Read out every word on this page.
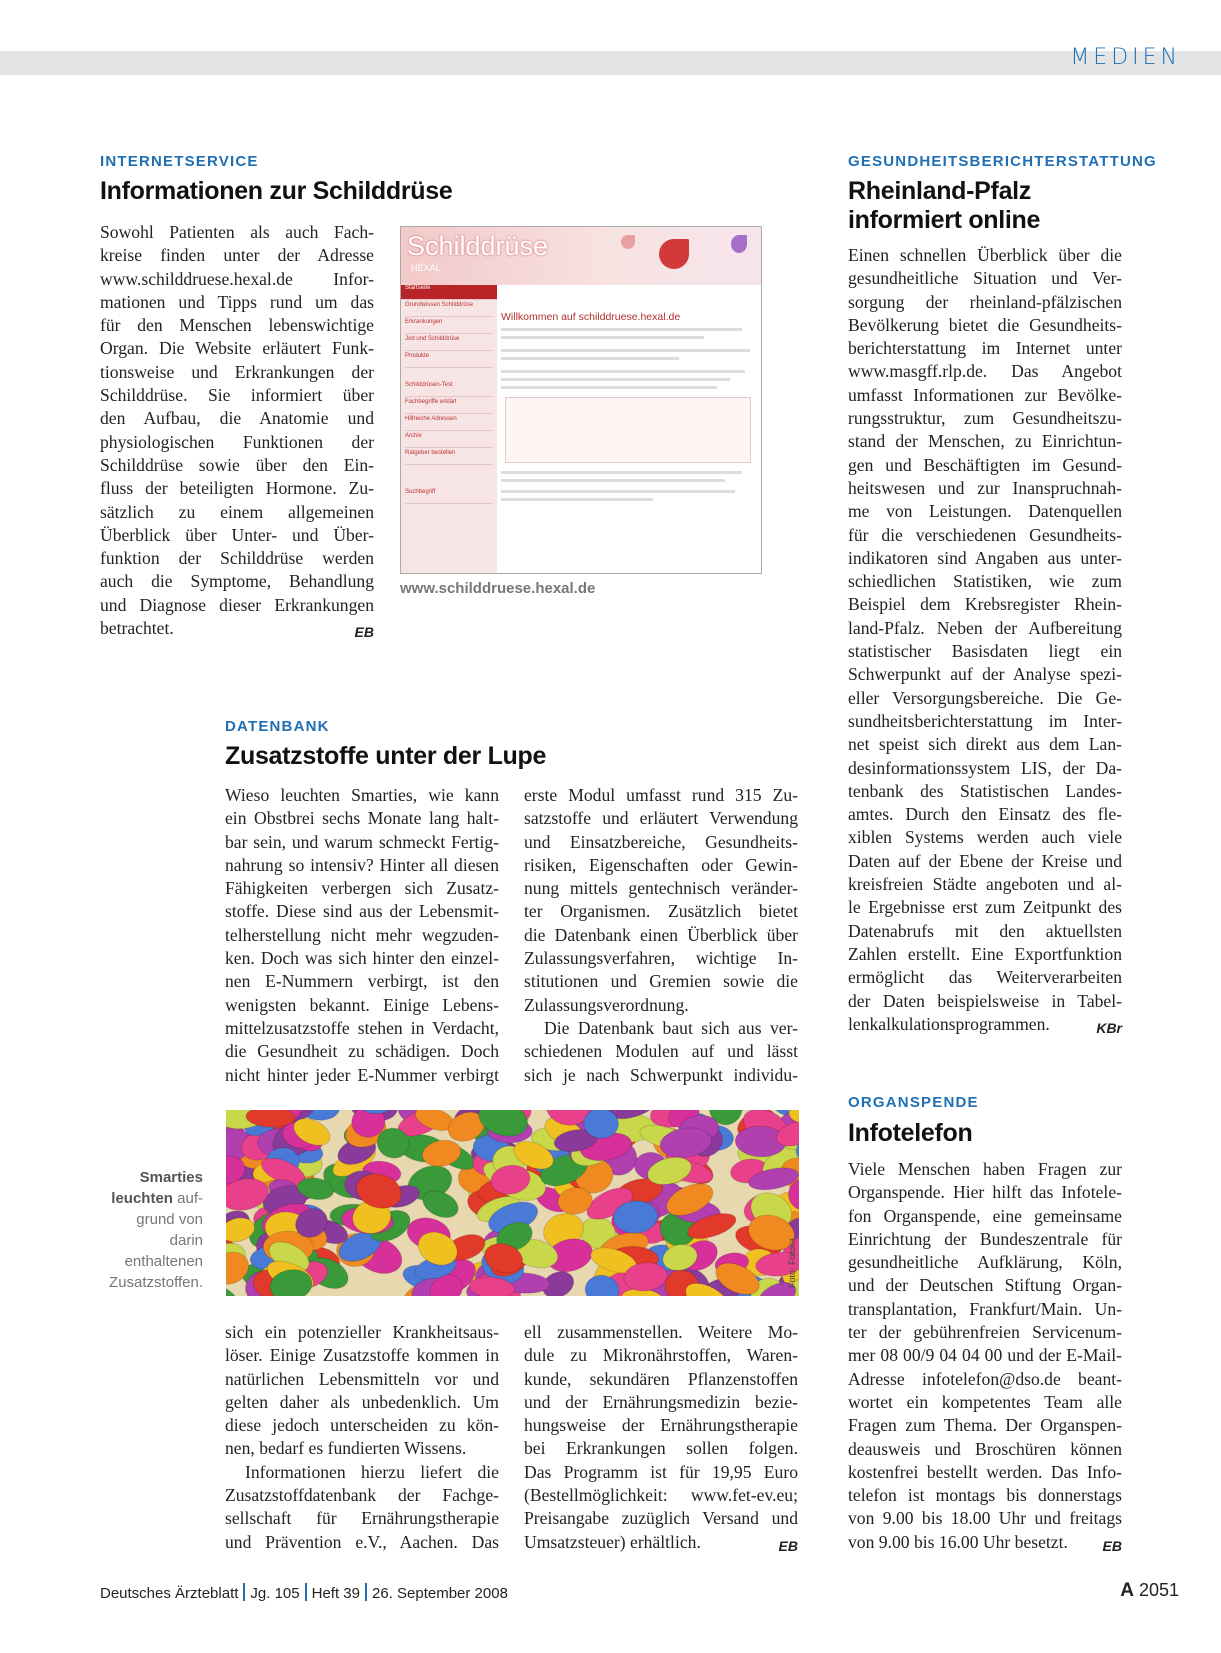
MEDIEN
INTERNETSERVICE
Informationen zur Schilddrüse
Sowohl Patienten als auch Fach-
kreise finden unter der Adresse
www.schilddruese.hexal.de Infor-
mationen und Tipps rund um das
für den Menschen lebenswichtige
Organ. Die Website erläutert Funk-
tionsweise und Erkrankungen der
Schilddrüse. Sie informiert über
den Aufbau, die Anatomie und
physiologischen Funktionen der
Schilddrüse sowie über den Ein-
fluss der beteiligten Hormone. Zu-
sätzlich zu einem allgemeinen
Überblick über Unter- und Über-
funktion der Schilddrüse werden
auch die Symptome, Behandlung
und Diagnose dieser Erkrankungen
betrachtet.	EB
Schilddrüse
HEXAL
Startseite
Grundwissen Schilddrüse
Erkrankungen
Jod und Schilddrüse
Produkte
Schilddrüsen-Test
Fachbegriffe erklärt
Hilfreiche Adressen
Archiv
Ratgeber bestellen
Suchbegriff

Willkommen auf schilddruese.hexal.de
www.schilddruese.hexal.de
GESUNDHEITSBERICHTERSTATTUNG
Rheinland-Pfalz
informiert online
Einen schnellen Überblick über die
gesundheitliche Situation und Ver-
sorgung der rheinland-pfälzischen
Bevölkerung bietet die Gesundheits-
berichterstattung im Internet unter
www.masgff.rlp.de. Das Angebot
umfasst Informationen zur Bevölke-
rungsstruktur, zum Gesundheitszu-
stand der Menschen, zu Einrichtun-
gen und Beschäftigten im Gesund-
heitswesen und zur Inanspruchnah-
me von Leistungen. Datenquellen
für die verschiedenen Gesundheits-
indikatoren sind Angaben aus unter-
schiedlichen Statistiken, wie zum
Beispiel dem Krebsregister Rhein-
land-Pfalz. Neben der Aufbereitung
statistischer Basisdaten liegt ein
Schwerpunkt auf der Analyse spezi-
eller Versorgungsbereiche. Die Ge-
sundheitsberichterstattung im Inter-
net speist sich direkt aus dem Lan-
desinformationssystem LIS, der Da-
tenbank des Statistischen Landes-
amtes. Durch den Einsatz des fle-
xiblen Systems werden auch viele
Daten auf der Ebene der Kreise und
kreisfreien Städte angeboten und al-
le Ergebnisse erst zum Zeitpunkt des
Datenabrufs mit den aktuellsten
Zahlen erstellt. Eine Exportfunktion
ermöglicht das Weiterverarbeiten
der Daten beispielsweise in Tabel-
lenkalkulationsprogrammen.	KBr
DATENBANK
Zusatzstoffe unter der Lupe
Wieso leuchten Smarties, wie kann
ein Obstbrei sechs Monate lang halt-
bar sein, und warum schmeckt Fertig-
nahrung so intensiv? Hinter all diesen
Fähigkeiten verbergen sich Zusatz-
stoffe. Diese sind aus der Lebensmit-
telherstellung nicht mehr wegzuden-
ken. Doch was sich hinter den einzel-
nen E-Nummern verbirgt, ist den
wenigsten bekannt. Einige Lebens-
mittelzusatzstoffe stehen in Verdacht,
die Gesundheit zu schädigen. Doch
nicht hinter jeder E-Nummer verbirgt
erste Modul umfasst rund 315 Zu-
satzstoffe und erläutert Verwendung
und Einsatzbereiche, Gesundheits-
risiken, Eigenschaften oder Gewin-
nung mittels gentechnisch veränder-
ter Organismen. Zusätzlich bietet
die Datenbank einen Überblick über
Zulassungsverfahren, wichtige In-
stitutionen und Gremien sowie die
Zulassungsverordnung.
Die Datenbank baut sich aus ver-
schiedenen Modulen auf und lässt
sich je nach Schwerpunkt individu-
Smarties
leuchten auf-
grund von darin
enthaltenen
Zusatzstoffen.	Foto: Fotolia
sich ein potenzieller Krankheitsaus-
löser. Einige Zusatzstoffe kommen in
natürlichen Lebensmitteln vor und
gelten daher als unbedenklich. Um
diese jedoch unterscheiden zu kön-
nen, bedarf es fundierten Wissens.
Informationen hierzu liefert die
Zusatzstoffdatenbank der Fachge-
sellschaft für Ernährungstherapie
und Prävention e.V., Aachen. Das
ell zusammenstellen. Weitere Mo-
dule zu Mikronährstoffen, Waren-
kunde, sekundären Pflanzenstoffen
und der Ernährungsmedizin bezie-
hungsweise der Ernährungstherapie
bei Erkrankungen sollen folgen.
Das Programm ist für 19,95 Euro
(Bestellmöglichkeit: www.fet-ev.eu;
Preisangabe zuzüglich Versand und
Umsatzsteuer) erhältlich.	EB
ORGANSPENDE
Infotelefon
Viele Menschen haben Fragen zur
Organspende. Hier hilft das Infotele-
fon Organspende, eine gemeinsame
Einrichtung der Bundeszentrale für
gesundheitliche Aufklärung, Köln,
und der Deutschen Stiftung Organ-
transplantation, Frankfurt/Main. Un-
ter der gebührenfreien Servicenum-
mer 08 00/9 04 04 00 und der E-Mail-
Adresse infotelefon@dso.de beant-
wortet ein kompetentes Team alle
Fragen zum Thema. Der Organspen-
deausweis und Broschüren können
kostenfrei bestellt werden. Das Info-
telefon ist montags bis donnerstags
von 9.00 bis 18.00 Uhr und freitags
von 9.00 bis 16.00 Uhr besetzt. EB
Deutsches Ärzteblatt Jg. 105 Heft 39 26. September 2008	A 2051
